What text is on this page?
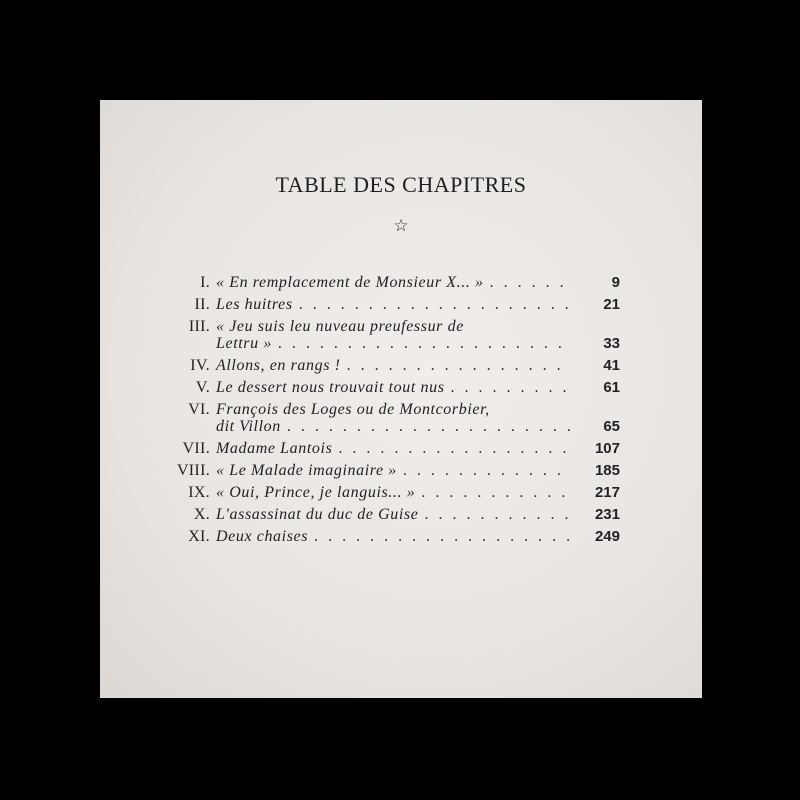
TABLE DES CHAPITRES
☆
I. « En remplacement de Monsieur X... » . . .	9
II. Les huitres . . .	21
III. « Jeu suis leu nuveau preufessur de
Lettru » . . .	33
IV. Allons, en rangs ! . . .	41
V. Le dessert nous trouvait tout nus . . .	61
VI. François des Loges ou de Montcorbier,
dit Villon . . .	65
VII. Madame Lantois . . .	107
VIII. « Le Malade imaginaire » . . .	185
IX. « Oui, Prince, je languis... » . . .	217
X. L'assassinat du duc de Guise . . .	231
XI. Deux chaises . . .	249
